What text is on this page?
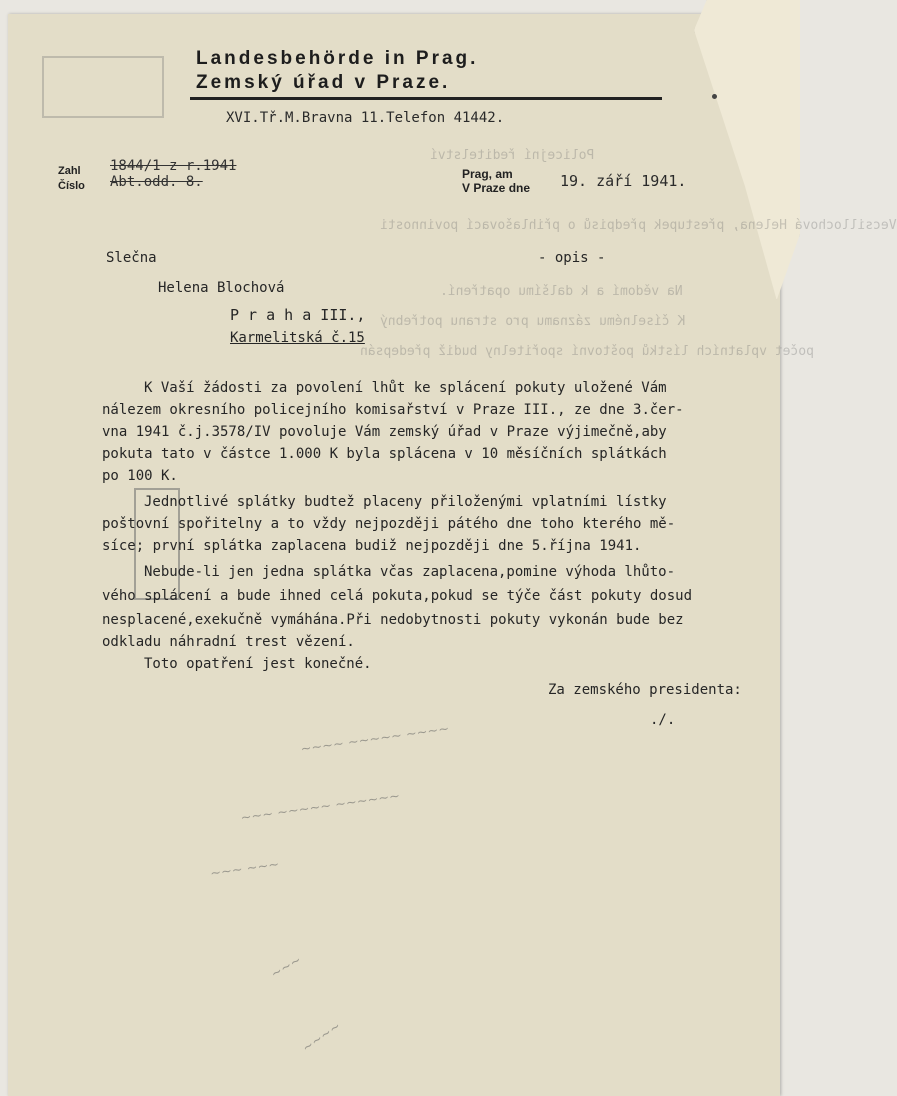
Landesbehörde in Prag.
Zemský úřad v Praze.
XVI.Tř.M.Bravna 11.Telefon 41442.
Zahl
Číslo
1844/1 z r.1941
Abt.odd. 8.	Prag, am
V Praze dne 19. září 1941.
Policejní ředitelství
Vecsillochová Helena, přestupek předpisů o přihlašovací povinnosti
Na vědomí a k dalšímu opatření.
K číselnému záznamu pro stranu potřebný
počet vplatních lístků poštovní spořitelny budiž předepsán
Slečna	- opis -
Helena Blochová
P r a h a III.,
Karmelitská č.15
K Vaší žádosti za povolení lhůt ke splácení pokuty uložené Vám
nálezem okresního policejního komisařství v Praze III., ze dne 3.čer-
vna 1941 č.j.3578/IV povoluje Vám zemský úřad v Praze výjimečně,aby
pokuta tato v částce 1.000 K byla splácena v 10 měsíčních splátkách
po 100 K.
Jednotlivé splátky budtež placeny přiloženými vplatními lístky
poštovní spořitelny a to vždy nejpozději pátého dne toho kterého mě-
síce; první splátka zaplacena budiž nejpozději dne 5.října 1941.
Nebude-li jen jedna splátka včas zaplacena,pomine výhoda lhůto-
vého splácení a bude ihned celá pokuta,pokud se týče část pokuty dosud
nesplacené,exekučně vymáhána.Při nedobytnosti pokuty vykonán bude bez
odkladu náhradní trest vězení.
Toto opatření jest konečné.
Za zemského presidenta:
./.
~~~~ ~~~~~ ~~~~
~~~ ~~~~~ ~~~~~~
~~~ ~~~
~~~
~~~~
